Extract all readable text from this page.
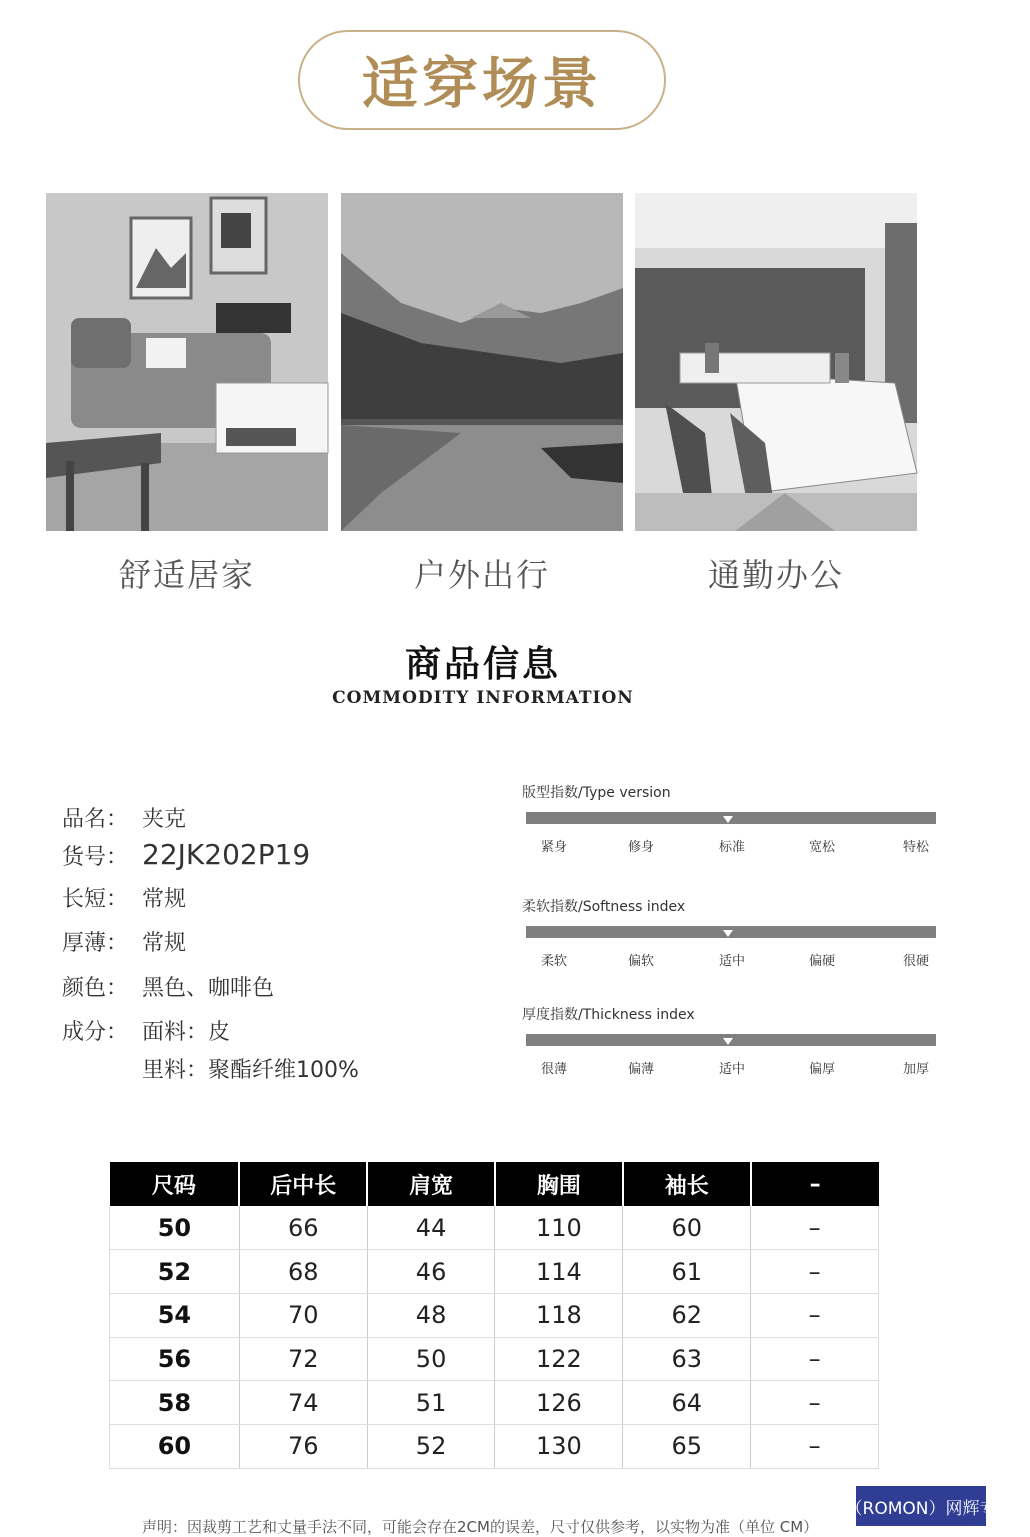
适穿场景
舒适居家	户外出行	通勤办公
商品信息
COMMODITY INFORMATION
品名： 夹克
货号： 22JK202P19
长短： 常规
厚薄： 常规
颜色： 黑色、咖啡色
成分： 面料：皮
里料：聚酯纤维100%
版型指数/Type version
紧身	修身	标准	宽松	特松
柔软指数/Softness index
柔软	偏软	适中	偏硬	很硬
厚度指数/Thickness index
很薄	偏薄	适中	偏厚	加厚
尺码	后中长	肩宽	胸围	袖长	–
50	66	44	110	60	–
52	68	46	114	61	–
54	70	48	118	62	–
56	72	50	122	63	–
58	74	51	126	64	–
60	76	52	130	65	–
声明：因裁剪工艺和丈量手法不同，可能会存在2CM的误差，尺寸仅供参考，以实物为准（单位 CM）
罗蒙（ROMON）网辉专卖店
